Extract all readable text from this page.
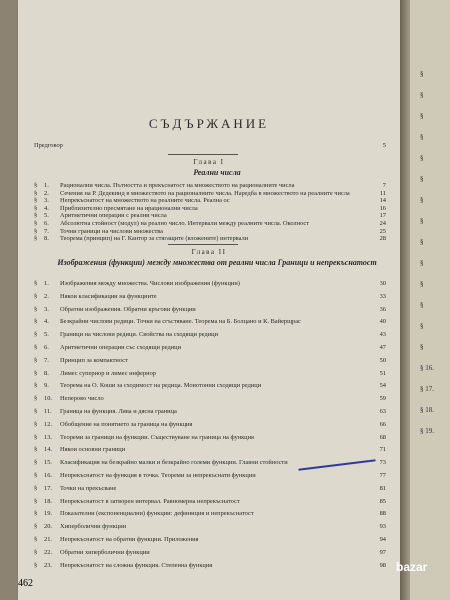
СЪДЪРЖАНИЕ
Предговор	5
Глава I
Реални числа
§	1.	Рационални числа. Пътността и прекъснатост на множеството на рационалните числа	7
§	2.	Сечения на Р. Дедекинд в множеството на рационалните числа. Наредба в множеството на реалните числа	11
§	3.	Непрекъснатост на множеството на реалните числа. Реална ос	14
§	4.	Приблизително пресмятане на ирационални числа	16
§	5.	Аритметични операции с реални числа	17
§	6.	Абсолютна стойност (модул) на реално число. Интервали между реалните числа. Околност	24
§	7.	Точни граници на числови множества	25
§	8.	Теорема (принцип) на Г. Кантор за стягащите (вложените) интервали	28
Глава II
Изображения (функции) между множества от реални числа Граници и непрекъснатост
§	1.	Изображения между множества. Числови изображения (функции)	30
§	2.	Някои класификации на функциите	33
§	3.	Обратни изображения. Обратни кръгови функции	36
§	4.	Безкрайни числови редици. Точки на сгъстяване. Теорема на Б. Болцано и К. Вайерщрас	40
§	5.	Граници на числови редици. Свойства на сходящи редици	43
§	6.	Аритметични операции със сходящи редици	47
§	7.	Принцип за компактност	50
§	8.	Лимес супериор и лимес инфериор	51
§	9.	Теорема на О. Коши за сходимост на редица. Монотонни сходящи редици	54
§	10.	Неперово число	59
§	11.	Граница на функция. Лява и дясна граница	63
§	12.	Обобщение на понятието за граница на функция	66
§	13.	Теореми за граници на функции. Съществуване на граница на функция	68
§	14.	Някои основни граници	71
§	15.	Класификация на безкрайно малки и безкрайно големи функции. Главни стойности	73
§	16.	Непрекъснатост на функция в точка. Теореми за непрекъснати функции	77
§	17.	Точки на прекъсване	81
§	18.	Непрекъснатост в затворен интервал. Равномерна непрекъснатост	85
§	19.	Показателни (експоненциални) функции: дефиниция и непрекъснатост	88
§	20.	Хиперболични функции	93
§	21.	Непрекъснатост на обратни функции. Приложения	94
§	22.	Обратни хиперболични функции	97
§	23.	Непрекъснатост на сложна функция. Степенна функция	98
462
§
§
§
§
§
§
§
§
§
§
§
§
§
§
§ 16.
§ 17.
§ 18.
§ 19.
bazar
